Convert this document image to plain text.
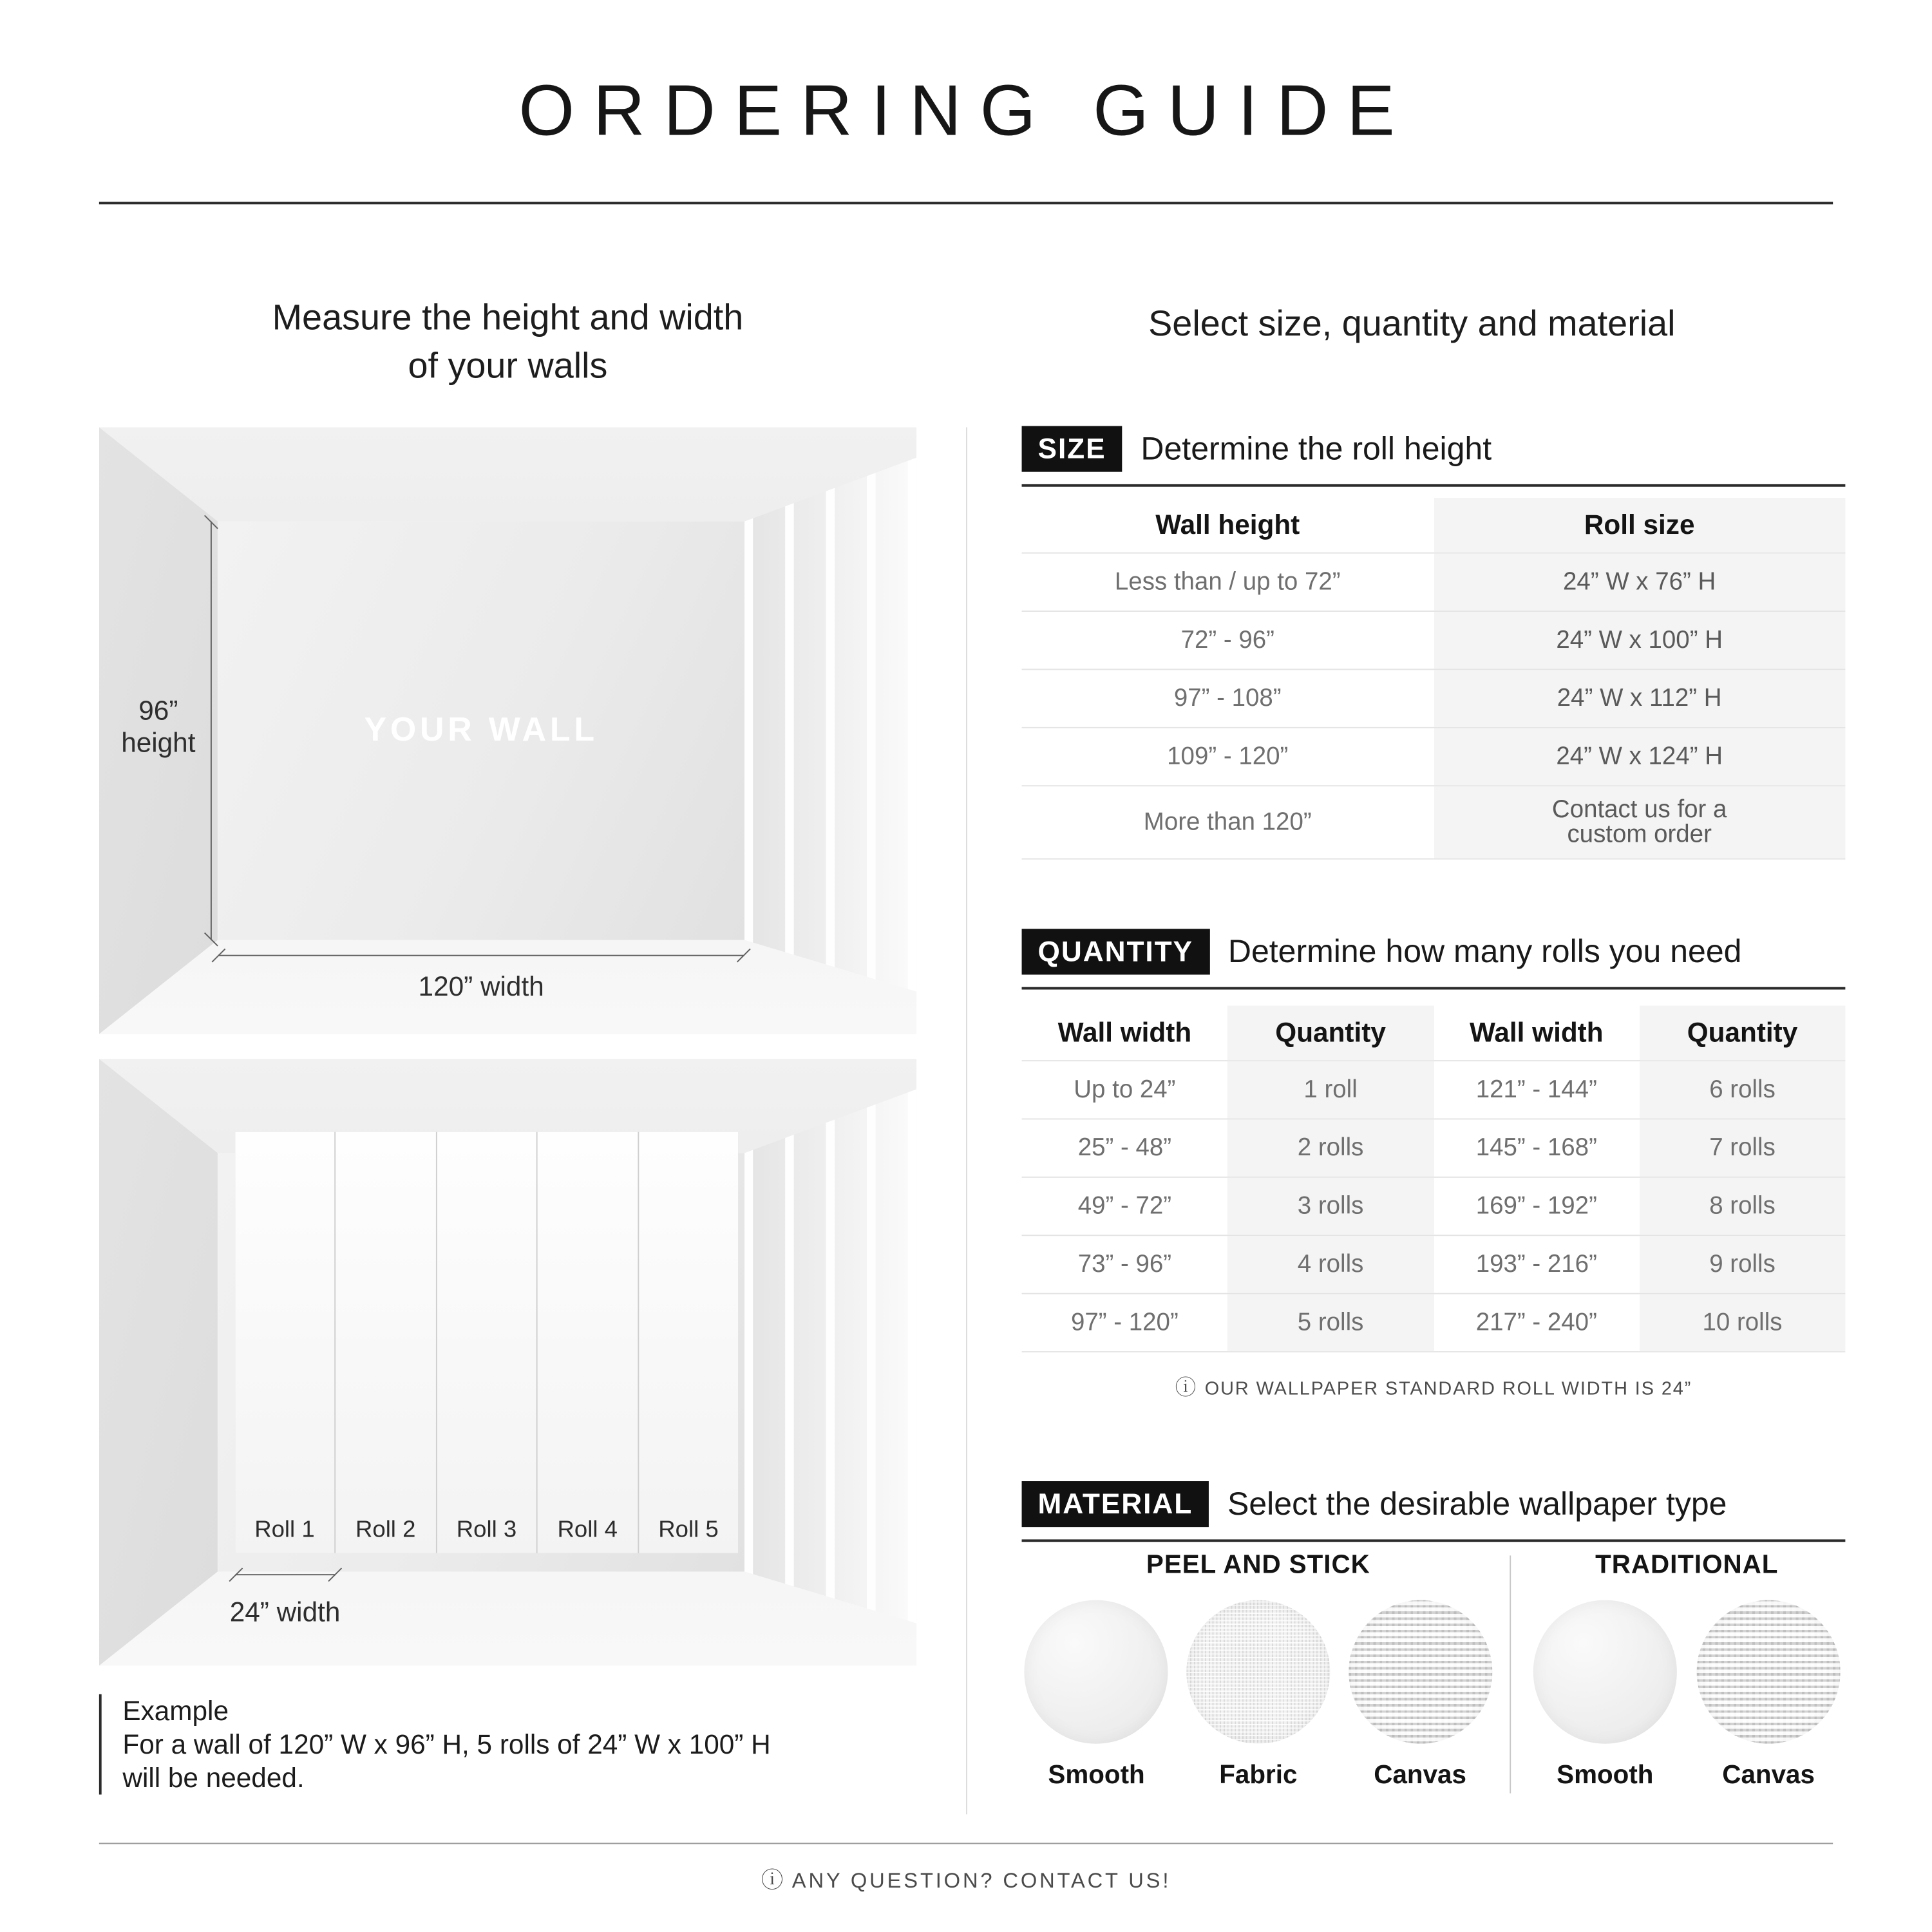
ORDERING GUIDE
Measure the height and width
of your walls
Select size, quantity and material
YOUR WALL
96”
height
120” width
Roll 1	Roll 2	Roll 3	Roll 4	Roll 5
24” width
Example
For a wall of 120” W x 96” H, 5 rolls of 24” W x 100” H
will be needed.
SIZE	Determine the roll height
Wall height	Roll size
Less than / up to 72”	24” W x 76” H
72” - 96”	24” W x 100” H
97” - 108”	24” W x 112” H
109” - 120”	24” W x 124” H
More than 120”	Contact us for a custom order
QUANTITY	Determine how many rolls you need
Wall width	Quantity	Wall width	Quantity
Up to 24”	1 roll	121” - 144”	6 rolls
25” - 48”	2 rolls	145” - 168”	7 rolls
49” - 72”	3 rolls	169” - 192”	8 rolls
73” - 96”	4 rolls	193” - 216”	9 rolls
97” - 120”	5 rolls	217” - 240”	10 rolls
ⓘ OUR WALLPAPER STANDARD ROLL WIDTH IS 24”
MATERIAL	Select the desirable wallpaper type
PEEL AND STICK
Smooth	Fabric	Canvas
TRADITIONAL
Smooth	Canvas
ⓘ ANY QUESTION? CONTACT US!
